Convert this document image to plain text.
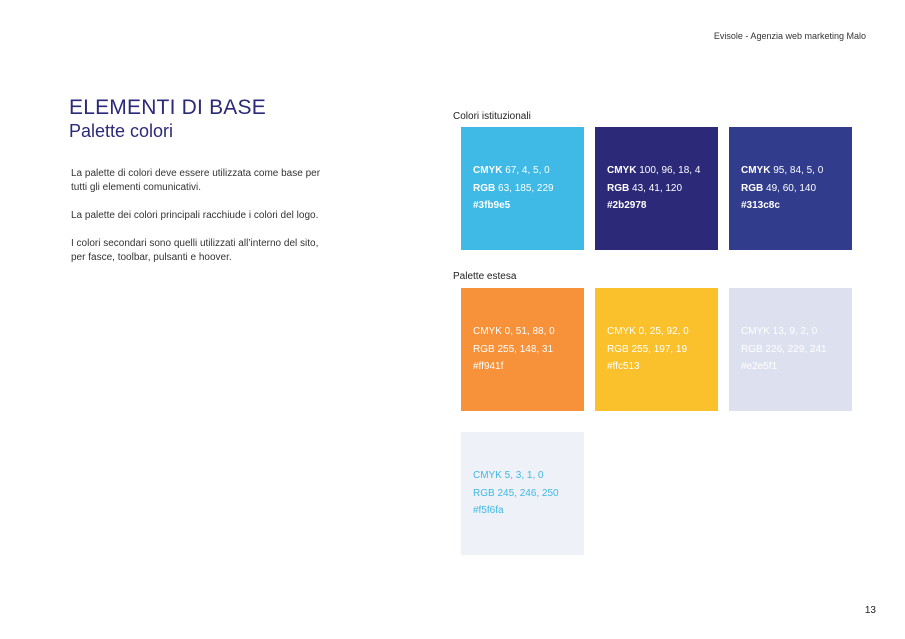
Evisole - Agenzia web marketing Malo
ELEMENTI DI BASE
Palette colori

La palette di colori deve essere utilizzata come base per tutti gli elementi comunicativi.

La palette dei colori principali racchiude i colori del logo.

I colori secondari sono quelli utilizzati all’interno del sito, per fasce, toolbar, pulsanti e hoover.

Colori istituzionali
CMYK 67, 4, 5, 0
RGB 63, 185, 229
#3fb9e5
CMYK 100, 96, 18, 4
RGB 43, 41, 120
#2b2978
CMYK 95, 84, 5, 0
RGB 49, 60, 140
#313c8c
Palette estesa
CMYK 0, 51, 88, 0
RGB 255, 148, 31
#ff941f
CMYK 0, 25, 92, 0
RGB 255, 197, 19
#ffc513
CMYK 13, 9, 2, 0
RGB 226, 229, 241
#e2e5f1
CMYK 5, 3, 1, 0
RGB 245, 246, 250
#f5f6fa
13
